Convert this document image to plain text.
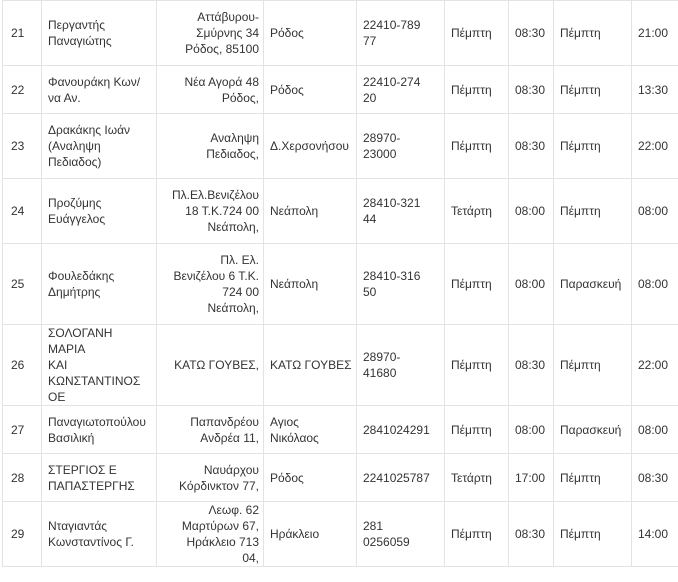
21	Περγαντής
Παναγιώτης	Αττάβυρου-
Σμύρνης 34
Ρόδος, 85100	Ρόδος	22410-789
77	Πέμπτη	08:30	Πέμπτη	21:00
22	Φανουράκη Κων/
να Αν.	Νέα Αγορά 48
Ρόδος,	Ρόδος	22410-274
20	Πέμπτη	08:30	Πέμπτη	13:30
23	Δρακάκης Ιωάν
(Αναληψη
Πεδιαδος)	Αναληψη
Πεδιαδος,	Δ.Χερσονήσου	28970-
23000	Πέμπτη	08:30	Πέμπτη	22:00
24	Προζύμης
Ευάγγελος	Πλ.Ελ.Βενιζέλου
18 Τ.Κ.724 00
Νεάπολη,	Νεάπολη	28410-321
44	Τετάρτη	08:00	Πέμπτη	08:00
25	Φουλεδάκης
Δημήτρης	Πλ. Ελ.
Βενιζέλου 6 Τ.Κ.
724 00
Νεάπολη,	Νεάπολη	28410-316
50	Πέμπτη	08:00	Παρασκευή	08:00
26	ΣΟΛΟΓΑΝΗ ΜΑΡΙΑ
ΚΑΙ
ΚΩΝΣΤΑΝΤΙΝΟΣ
ΟΕ	ΚΑΤΩ ΓΟΥΒΕΣ,	ΚΑΤΩ ΓΟΥΒΕΣ	28970-
41680	Πέμπτη	08:30	Πέμπτη	22:00
27	Παναγιωτοπούλου
Βασιλική	Παπανδρέου
Ανδρέα 11,	Αγιος
Νικόλαος	2841024291	Πέμπτη	08:00	Παρασκευή	08:00
28	ΣΤΕΡΓΙΟΣ Ε
ΠΑΠΑΣΤΕΡΓΗΣ	Ναυάρχου
Κόρδινκτον 77,	Ρόδος	2241025787	Τετάρτη	17:00	Πέμπτη	08:30
29	Νταγιαντάς
Κωνσταντίνος Γ.	Λεωφ. 62
Μαρτύρων 67,
Ηράκλειο 713
04,	Ηράκλειο	281
0256059	Πέμπτη	08:30	Πέμπτη	14:00
